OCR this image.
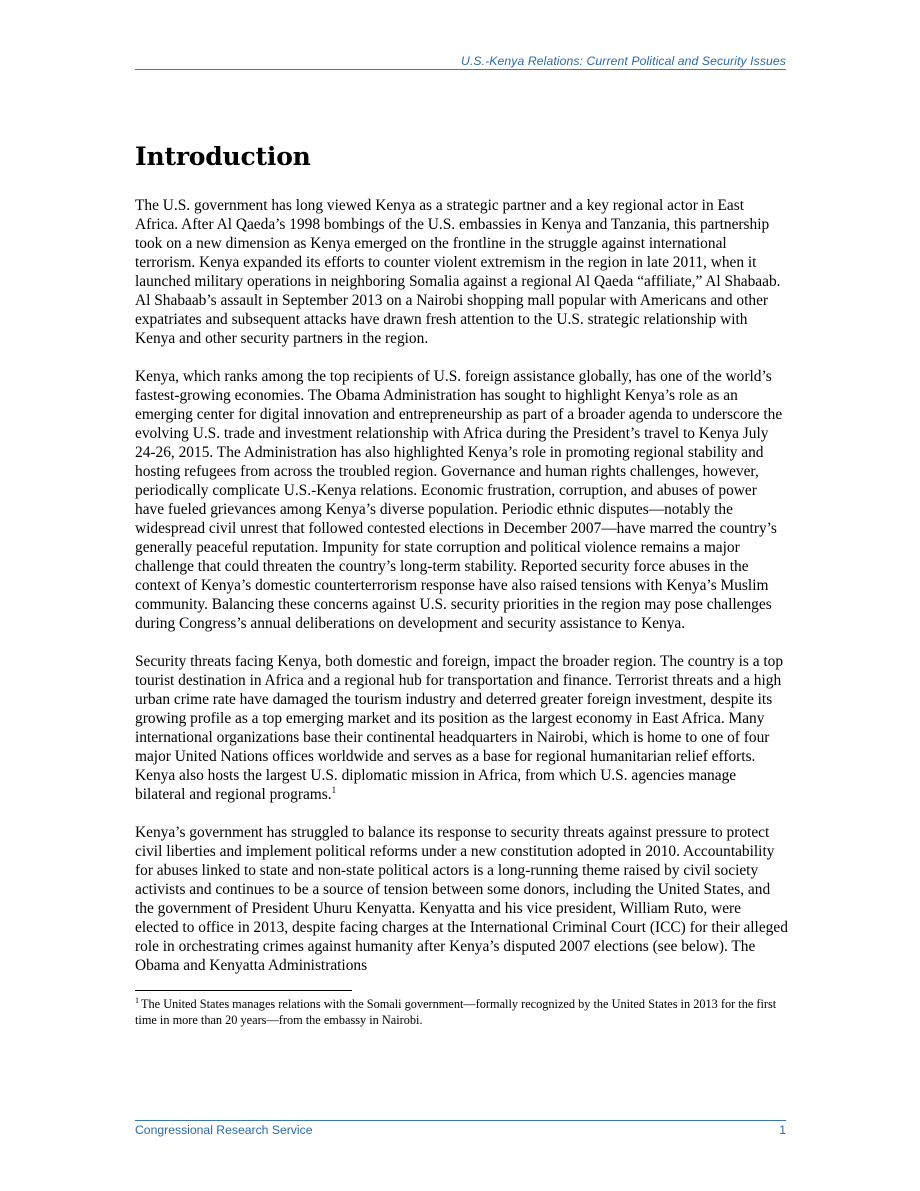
U.S.-Kenya Relations: Current Political and Security Issues
Introduction

The U.S. government has long viewed Kenya as a strategic partner and a key regional actor in East Africa. After Al Qaeda’s 1998 bombings of the U.S. embassies in Kenya and Tanzania, this partnership took on a new dimension as Kenya emerged on the frontline in the struggle against international terrorism. Kenya expanded its efforts to counter violent extremism in the region in late 2011, when it launched military operations in neighboring Somalia against a regional Al Qaeda “affiliate,” Al Shabaab. Al Shabaab’s assault in September 2013 on a Nairobi shopping mall popular with Americans and other expatriates and subsequent attacks have drawn fresh attention to the U.S. strategic relationship with Kenya and other security partners in the region.

Kenya, which ranks among the top recipients of U.S. foreign assistance globally, has one of the world’s fastest-growing economies. The Obama Administration has sought to highlight Kenya’s role as an emerging center for digital innovation and entrepreneurship as part of a broader agenda to underscore the evolving U.S. trade and investment relationship with Africa during the President’s travel to Kenya July 24-26, 2015. The Administration has also highlighted Kenya’s role in promoting regional stability and hosting refugees from across the troubled region. Governance and human rights challenges, however, periodically complicate U.S.-Kenya relations. Economic frustration, corruption, and abuses of power have fueled grievances among Kenya’s diverse population. Periodic ethnic disputes—notably the widespread civil unrest that followed contested elections in December 2007—have marred the country’s generally peaceful reputation. Impunity for state corruption and political violence remains a major challenge that could threaten the country’s long-term stability. Reported security force abuses in the context of Kenya’s domestic counterterrorism response have also raised tensions with Kenya’s Muslim community. Balancing these concerns against U.S. security priorities in the region may pose challenges during Congress’s annual deliberations on development and security assistance to Kenya.

Security threats facing Kenya, both domestic and foreign, impact the broader region. The country is a top tourist destination in Africa and a regional hub for transportation and finance. Terrorist threats and a high urban crime rate have damaged the tourism industry and deterred greater foreign investment, despite its growing profile as a top emerging market and its position as the largest economy in East Africa. Many international organizations base their continental headquarters in Nairobi, which is home to one of four major United Nations offices worldwide and serves as a base for regional humanitarian relief efforts. Kenya also hosts the largest U.S. diplomatic mission in Africa, from which U.S. agencies manage bilateral and regional programs.$^1$

Kenya’s government has struggled to balance its response to security threats against pressure to protect civil liberties and implement political reforms under a new constitution adopted in 2010. Accountability for abuses linked to state and non-state political actors is a long-running theme raised by civil society activists and continues to be a source of tension between some donors, including the United States, and the government of President Uhuru Kenyatta. Kenyatta and his vice president, William Ruto, were elected to office in 2013, despite facing charges at the International Criminal Court (ICC) for their alleged role in orchestrating crimes against humanity after Kenya’s disputed 2007 elections (see below). The Obama and Kenyatta Administrations

$^1$ The United States manages relations with the Somali government—formally recognized by the United States in 2013 for the first time in more than 20 years—from the embassy in Nairobi.
Congressional Research Service	1
